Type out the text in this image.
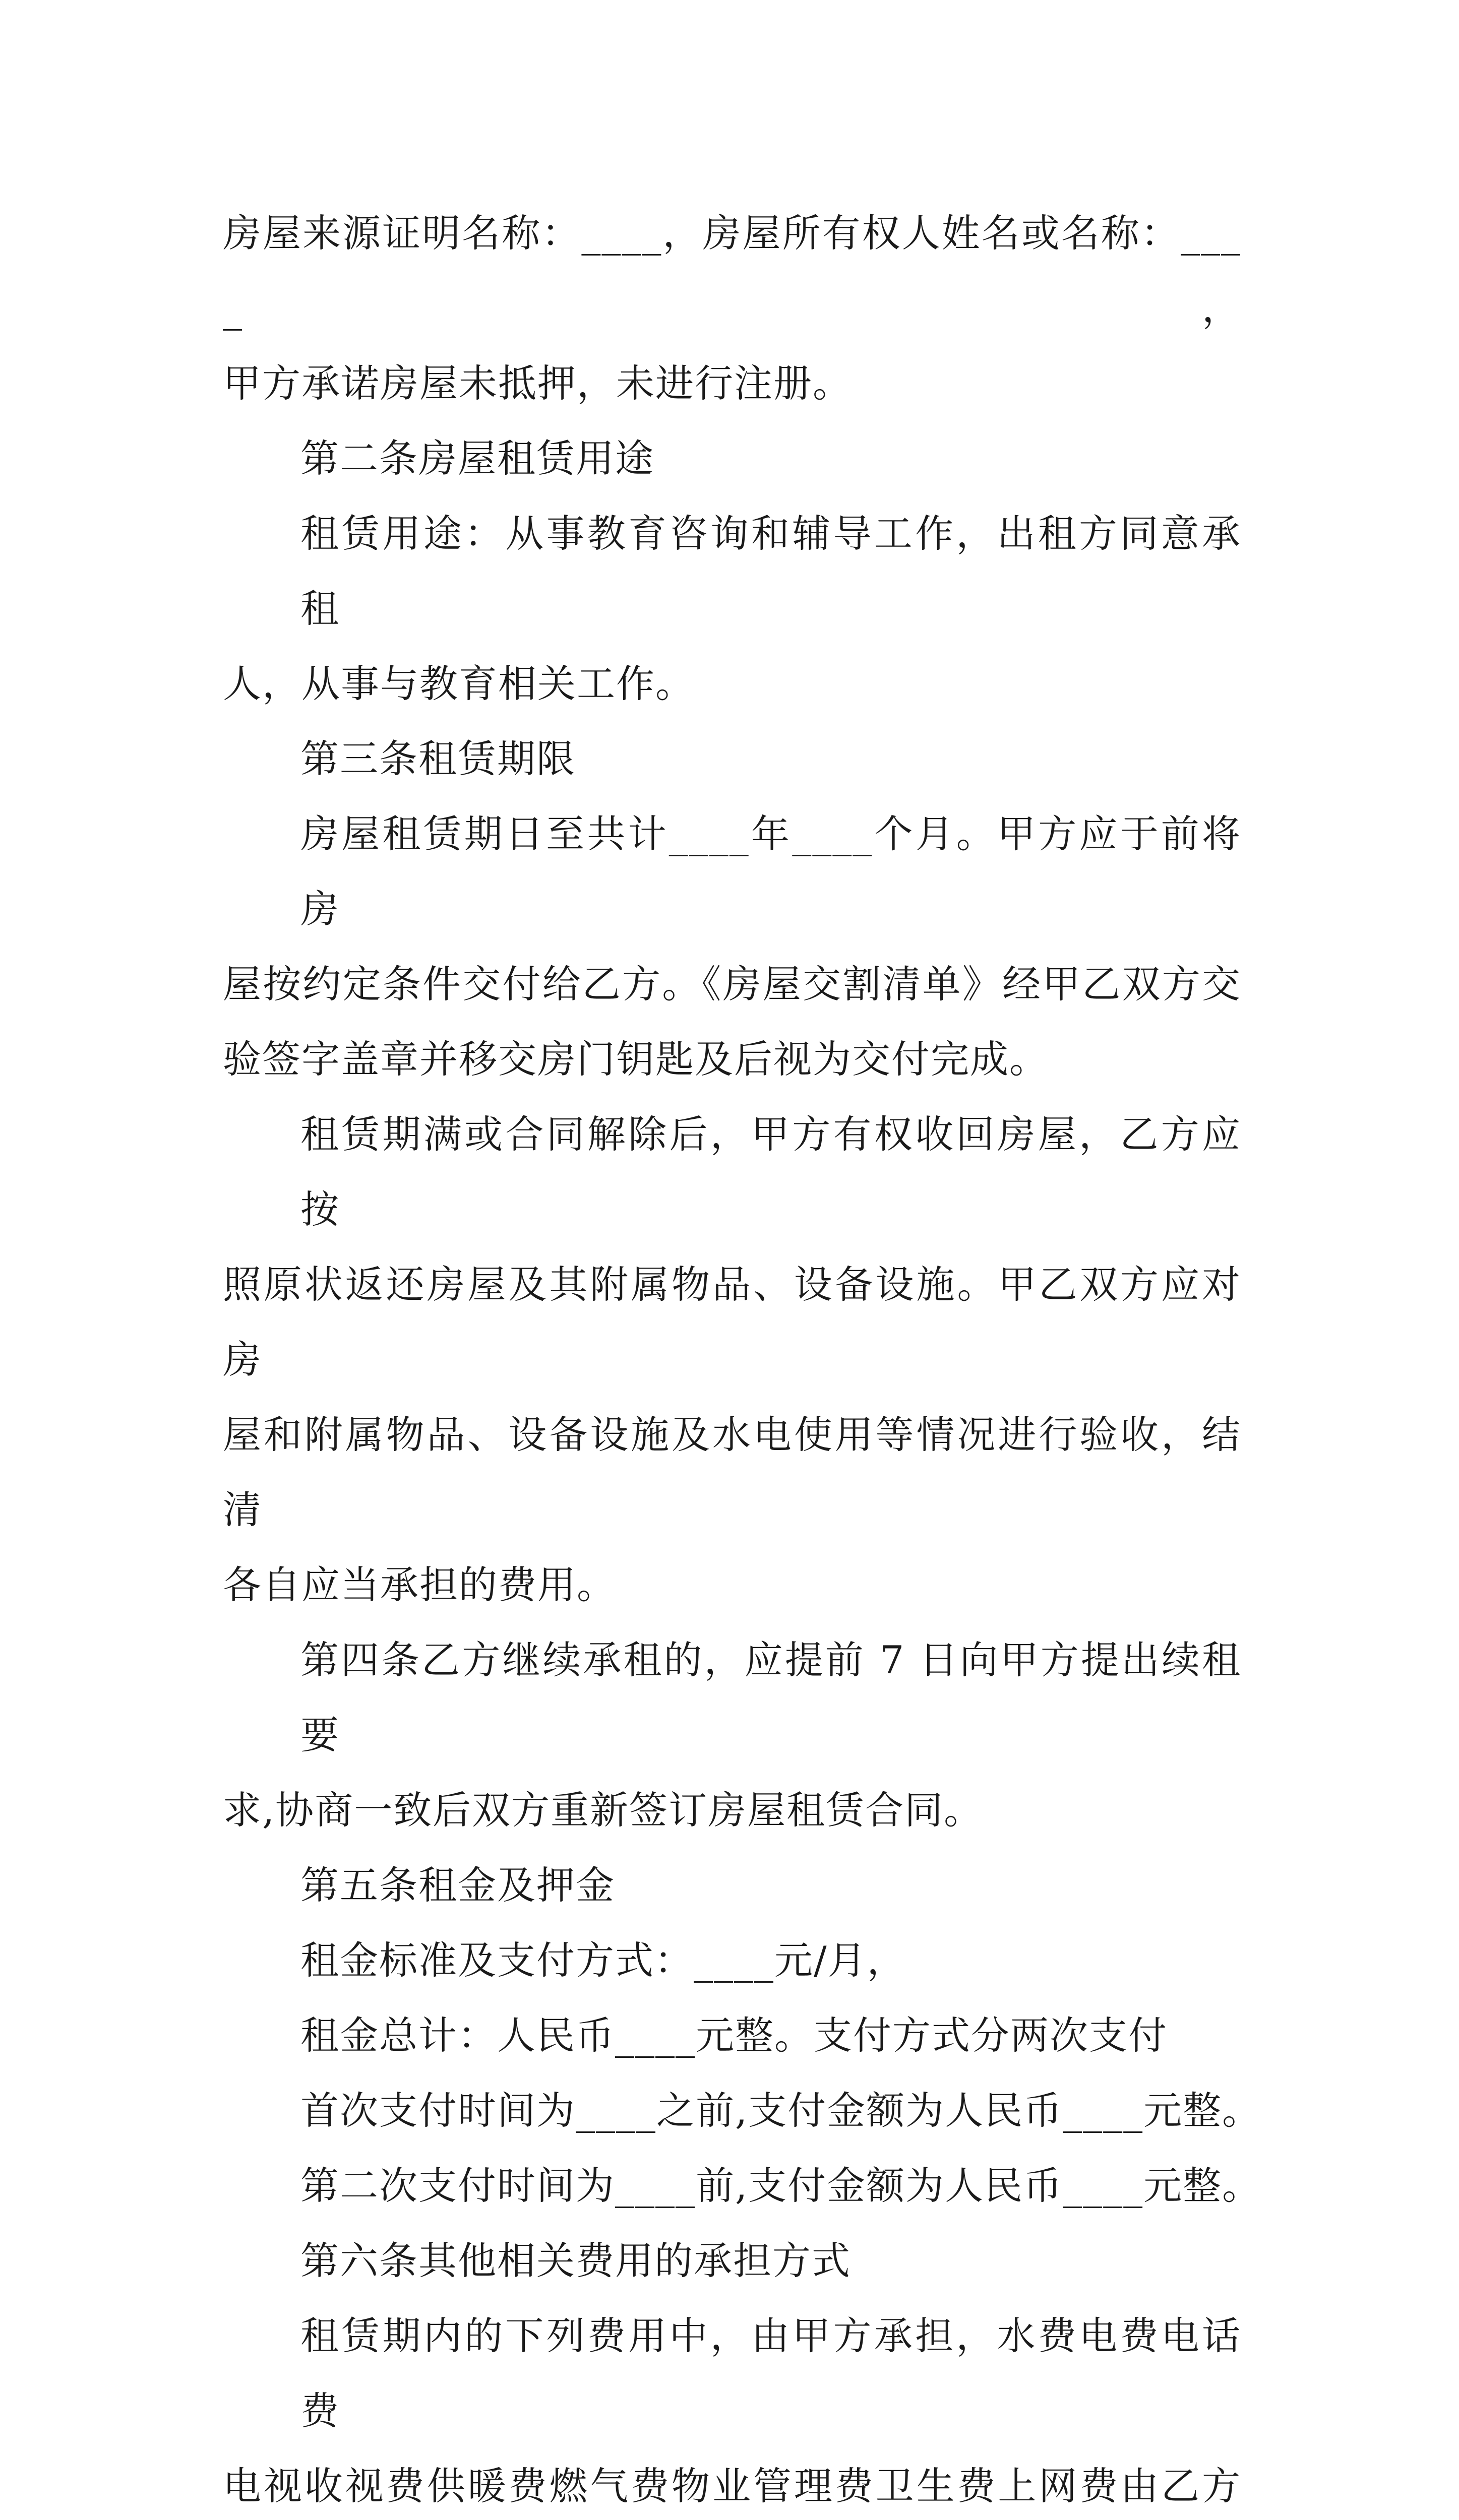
房屋来源证明名称：____，房屋所有权人姓名或名称：____，
甲方承诺房屋未抵押，未进行注册。

第二条房屋租赁用途

租赁用途：从事教育咨询和辅导工作，出租方同意承租
人，从事与教育相关工作。

第三条租赁期限

房屋租赁期日至共计____年____个月。甲方应于前将房
屋按约定条件交付给乙方。《房屋交割清单》经甲乙双方交
验签字盖章并移交房门钥匙及后视为交付完成。

租赁期满或合同解除后，甲方有权收回房屋，乙方应按
照原状返还房屋及其附属物品、设备设施。甲乙双方应对房
屋和附属物品、设备设施及水电使用等情况进行验收，结清
各自应当承担的费用。

第四条乙方继续承租的，应提前 7 日向甲方提出续租要
求,协商一致后双方重新签订房屋租赁合同。

第五条租金及押金

租金标准及支付方式：____元/月，

租金总计：人民币____元整。支付方式分两次支付

首次支付时间为____之前,支付金额为人民币____元整。

第二次支付时间为____前,支付金额为人民币____元整。

第六条其他相关费用的承担方式

租赁期内的下列费用中，由甲方承担，水费电费电话费
电视收视费供暖费燃气费物业管理费卫生费上网费由乙方
